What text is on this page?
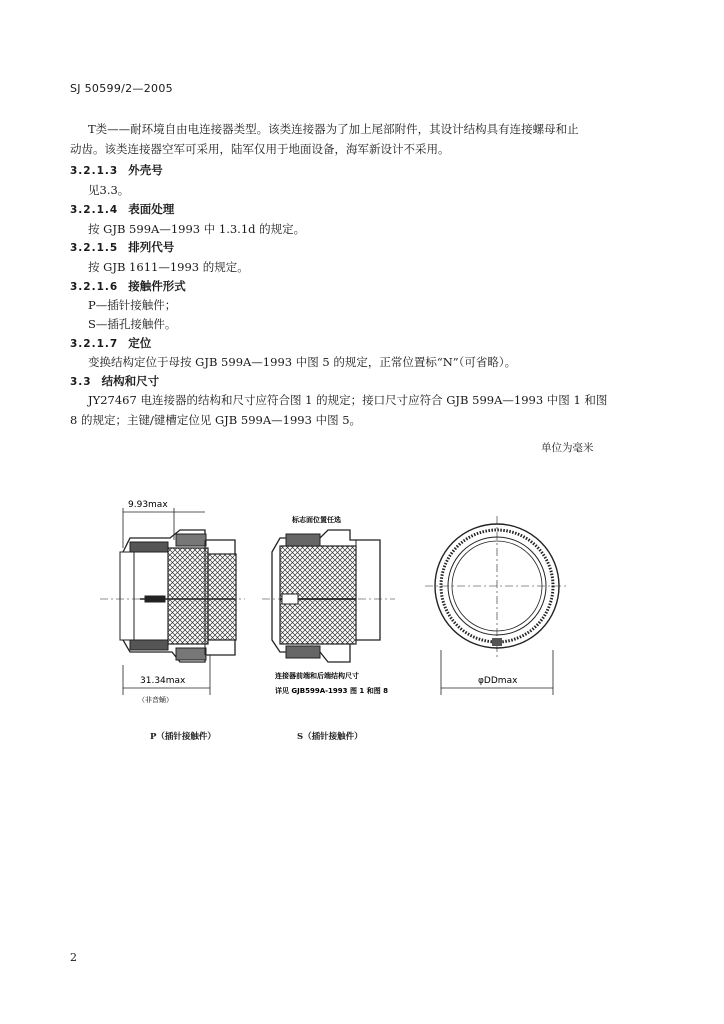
SJ 50599/2—2005
T类——耐环境自由电连接器类型。该类连接器为了加上尾部附件，其设计结构具有连接螺母和止
动齿。该类连接器空军可采用，陆军仅用于地面设备，海军新设计不采用。
3.2.1.3 外壳号
见3.3。
3.2.1.4 表面处理
按 GJB 599A—1993 中 1.3.1d 的规定。
3.2.1.5 排列代号
按 GJB 1611—1993 的规定。
3.2.1.6 接触件形式
P—插针接触件；
S—插孔接触件。
3.2.1.7 定位
变换结构定位于母按 GJB 599A—1993 中图 5 的规定，正常位置标“N”（可省略）。
3.3 结构和尺寸
JY27467 电连接器的结构和尺寸应符合图 1 的规定；接口尺寸应符合 GJB 599A—1993 中图 1 和图
8 的规定；主键/键槽定位见 GJB 599A—1993 中图 5。
单位为毫米
9.93max
31.34max
（非音蛹）
标志面位置任选
连接器前端和后端结构尺寸
详见 GJB599A-1993 图 1 和图 8
φDDmax
P（插针接触件）	S（插针接触件）
2
